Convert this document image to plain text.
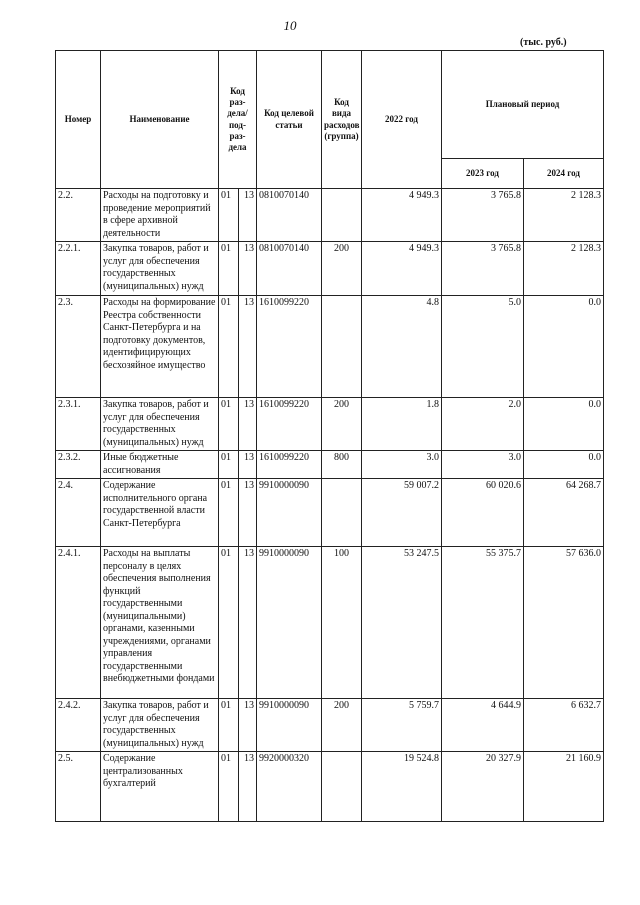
10
(тыс. руб.)
Номер	Наименование	Код раз-дела/ под-раз-дела		Код целевой статьи	Код вида расходов (группа)	2022 год	Плановый период	
							2023 год	2024 год
2.2.	Расходы на подготовку и проведение мероприятий в сфере архивной деятельности	01	13	0810070140		4 949.3	3 765.8	2 128.3
2.2.1.	Закупка товаров, работ и услуг для обеспечения государственных (муниципальных) нужд	01	13	0810070140	200	4 949.3	3 765.8	2 128.3
2.3.	Расходы на формирование Реестра собственности Санкт-Петербурга и на подготовку документов, идентифицирующих бесхозяйное имущество	01	13	1610099220		4.8	5.0	0.0
2.3.1.	Закупка товаров, работ и услуг для обеспечения государственных (муниципальных) нужд	01	13	1610099220	200	1.8	2.0	0.0
2.3.2.	Иные бюджетные ассигнования	01	13	1610099220	800	3.0	3.0	0.0
2.4.	Содержание исполнительного органа государственной власти Санкт-Петербурга	01	13	9910000090		59 007.2	60 020.6	64 268.7
2.4.1.	Расходы на выплаты персоналу в целях обеспечения выполнения функций государственными (муниципальными) органами, казенными учреждениями, органами управления государственными внебюджетными фондами	01	13	9910000090	100	53 247.5	55 375.7	57 636.0
2.4.2.	Закупка товаров, работ и услуг для обеспечения государственных (муниципальных) нужд	01	13	9910000090	200	5 759.7	4 644.9	6 632.7
2.5.	Содержание централизованных бухгалтерий	01	13	9920000320		19 524.8	20 327.9	21 160.9
